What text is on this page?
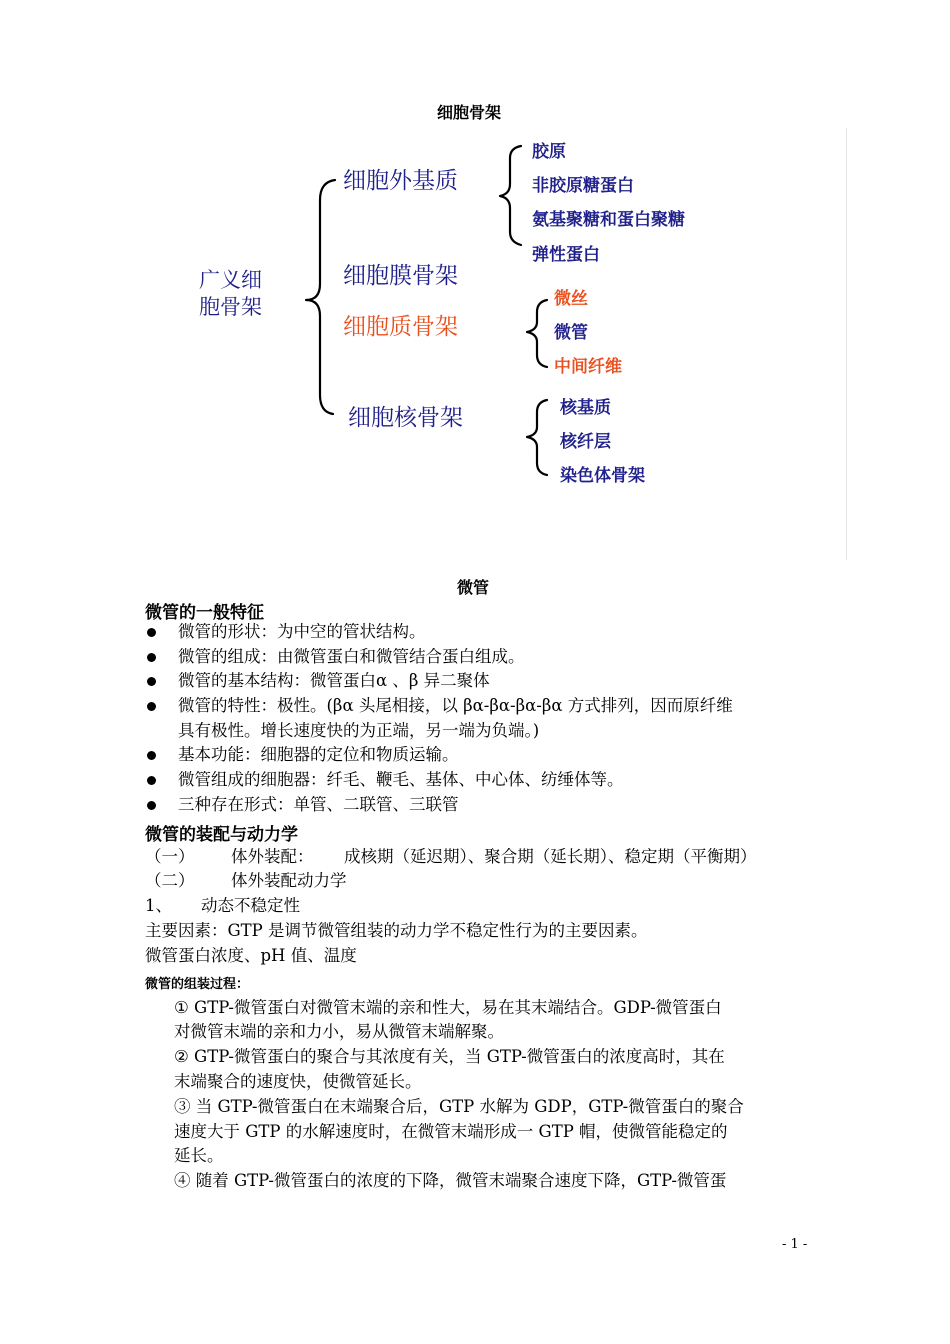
细胞骨架
广义细
胞骨架
细胞外基质
细胞膜骨架
细胞质骨架
细胞核骨架
胶原
非胶原糖蛋白
氨基聚糖和蛋白聚糖
弹性蛋白
微丝
微管
中间纤维
核基质
核纤层
染色体骨架
微管
微管的一般特征
微管的形状：为中空的管状结构。
微管的组成：由微管蛋白和微管结合蛋白组成。
微管的基本结构：微管蛋白α 、β 异二聚体
微管的特性：极性。(βα 头尾相接，以 βα-βα-βα-βα 方式排列，因而原纤维
具有极性。增长速度快的为正端，另一端为负端。)
基本功能：细胞器的定位和物质运输。
微管组成的细胞器：纤毛、鞭毛、基体、中心体、纺缍体等。
三种存在形式：单管、二联管、三联管
微管的装配与动力学
（一） 体外装配： 成核期（延迟期）、聚合期（延长期）、稳定期（平衡期）
（二） 体外装配动力学
1、 动态不稳定性
主要因素：GTP 是调节微管组装的动力学不稳定性行为的主要因素。
微管蛋白浓度、pH 值、温度
微管的组装过程：
① GTP-微管蛋白对微管末端的亲和性大，易在其末端结合。GDP-微管蛋白
对微管末端的亲和力小，易从微管末端解聚。
② GTP-微管蛋白的聚合与其浓度有关，当 GTP-微管蛋白的浓度高时，其在
末端聚合的速度快，使微管延长。
③ 当 GTP-微管蛋白在末端聚合后，GTP 水解为 GDP，GTP-微管蛋白的聚合
速度大于 GTP 的水解速度时，在微管末端形成一 GTP 帽，使微管能稳定的
延长。
④ 随着 GTP-微管蛋白的浓度的下降，微管末端聚合速度下降，GTP-微管蛋
- 1 -
